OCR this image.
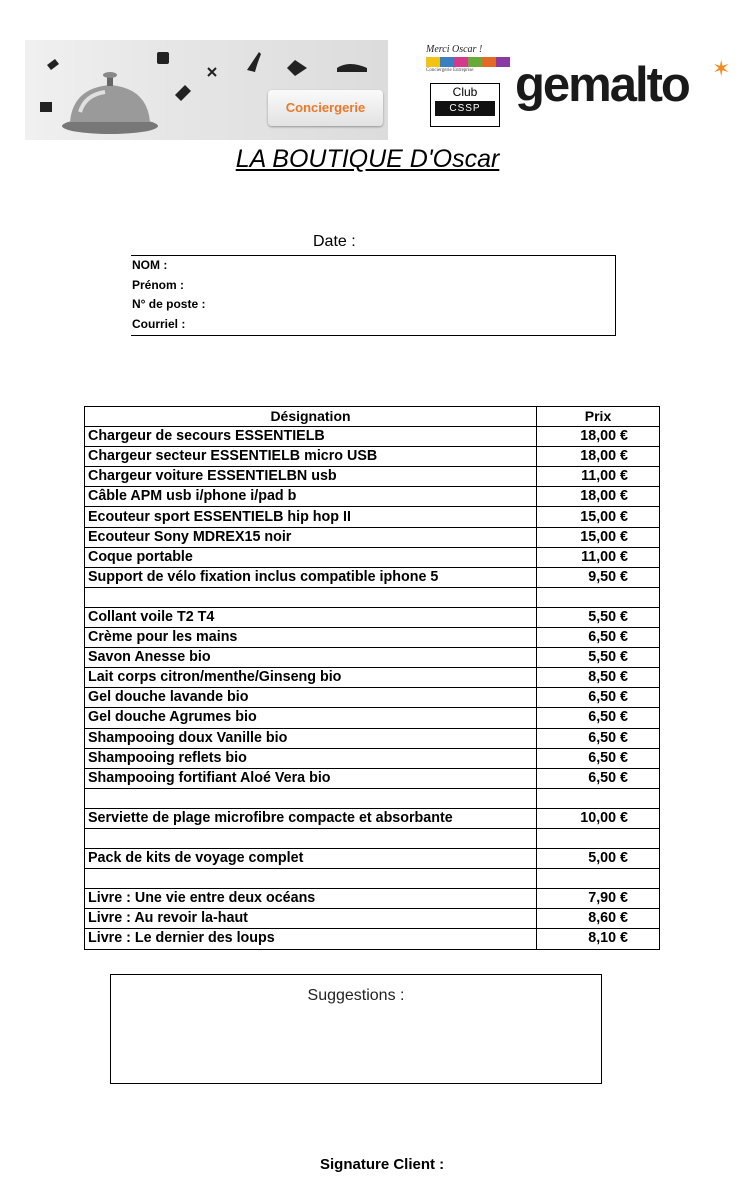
Conciergerie
Merci Oscar !
Conciergerie Entreprise
Club
CSSP gemalto ✶
LA BOUTIQUE D'Oscar
Date :
NOM :
Prénom :
N° de poste :
Courriel :
Désignation	Prix
Chargeur de secours ESSENTIELB	18,00 €
Chargeur secteur ESSENTIELB micro USB	18,00 €
Chargeur voiture ESSENTIELBN usb	11,00 €
Câble APM usb i/phone i/pad b	18,00 €
Ecouteur sport ESSENTIELB hip hop II	15,00 €
Ecouteur Sony MDREX15 noir	15,00 €
Coque portable	11,00 €
Support de vélo fixation inclus compatible iphone 5	9,50 €

Collant voile T2 T4	5,50 €
Crème pour les mains	6,50 €
Savon Anesse bio	5,50 €
Lait corps citron/menthe/Ginseng bio	8,50 €
Gel douche lavande bio	6,50 €
Gel douche Agrumes bio	6,50 €
Shampooing doux Vanille bio	6,50 €
Shampooing reflets bio	6,50 €
Shampooing fortifiant Aloé Vera bio	6,50 €

Serviette de plage microfibre compacte et absorbante	10,00 €

Pack de kits de voyage complet	5,00 €

Livre : Une vie entre deux océans	7,90 €
Livre : Au revoir la-haut	8,60 €
Livre : Le dernier des loups	8,10 €
Suggestions :
Signature Client :
